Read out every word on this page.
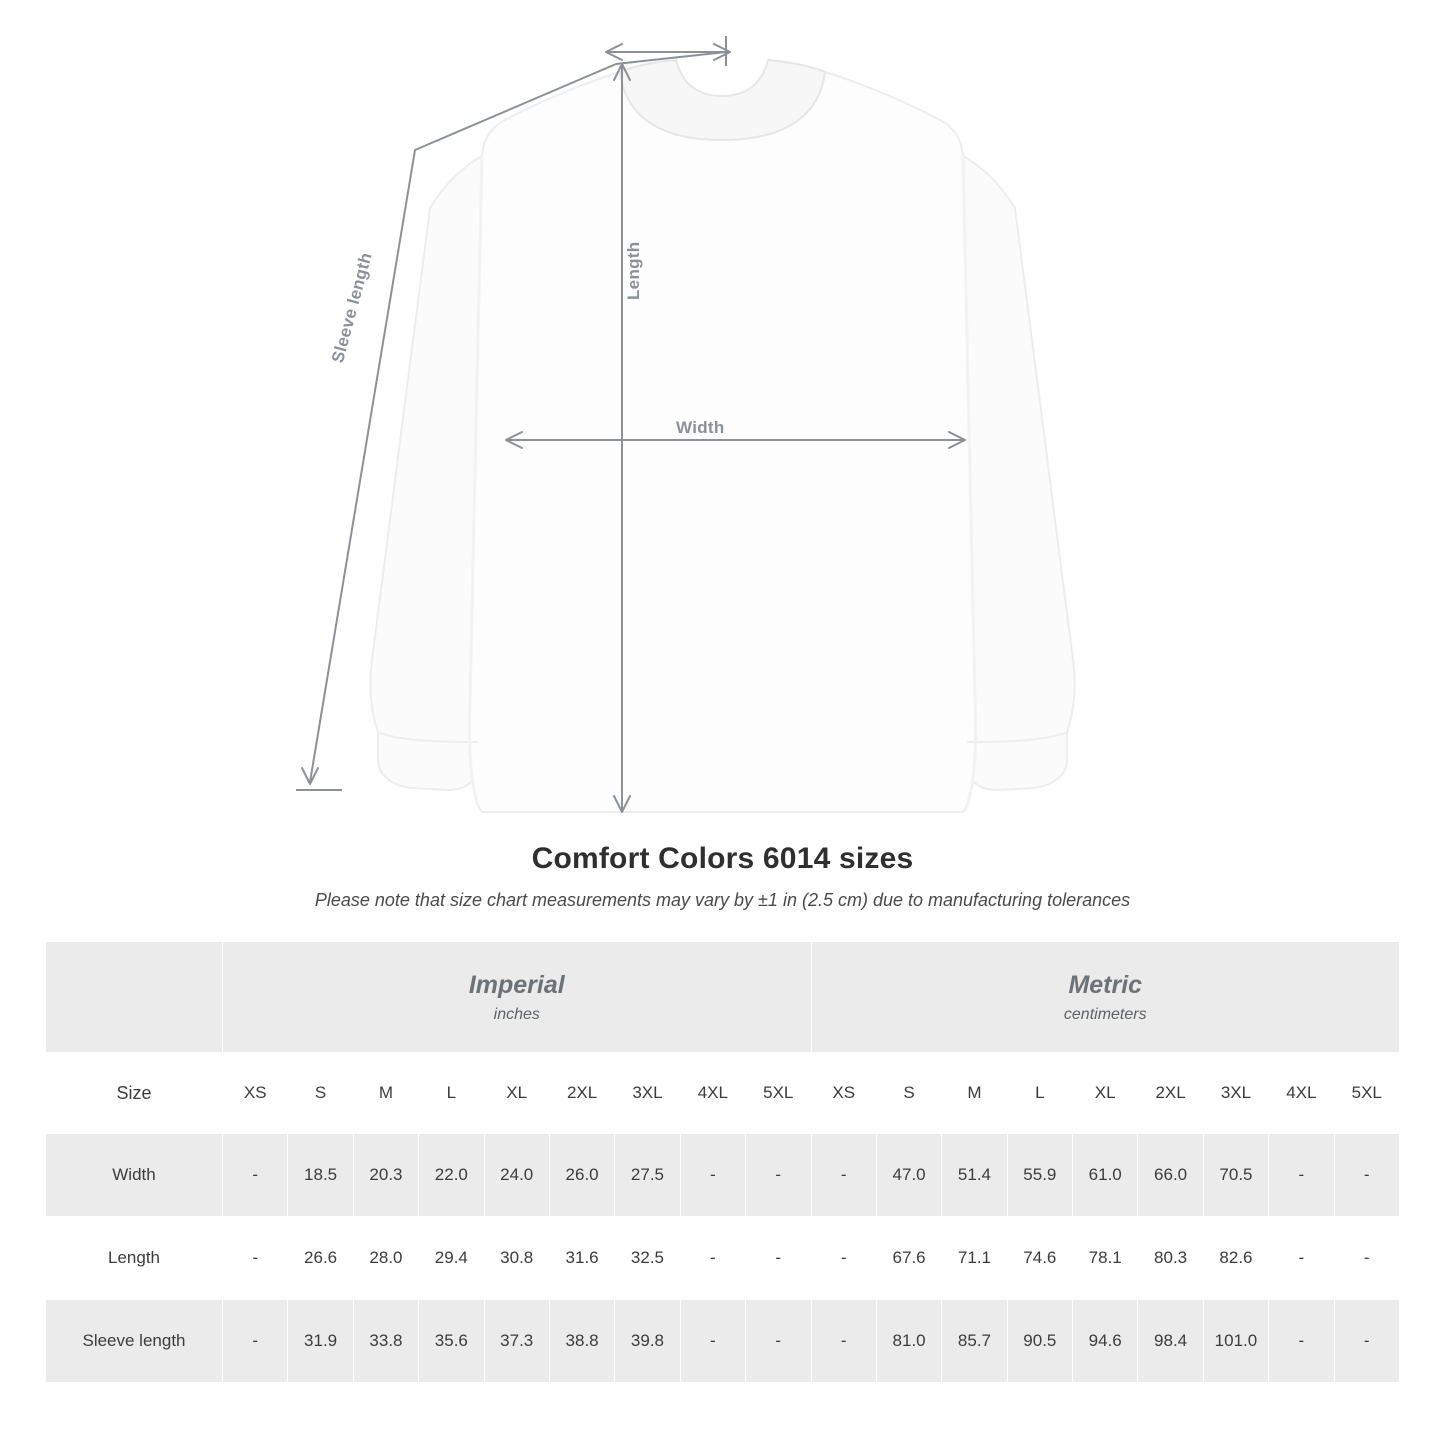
Width
Length
Sleeve length
Comfort Colors 6014 sizes
Please note that size chart measurements may vary by ±1 in (2.5 cm) due to manufacturing tolerances

Imperial
inches

Metric
centimeters

Size	XS	S	M	L	XL	2XL	3XL	4XL	5XL	XS	S	M	L	XL	2XL	3XL	4XL	5XL
Width	-	18.5	20.3	22.0	24.0	26.0	27.5	-	-	-	47.0	51.4	55.9	61.0	66.0	70.5	-	-
Length	-	26.6	28.0	29.4	30.8	31.6	32.5	-	-	-	67.6	71.1	74.6	78.1	80.3	82.6	-	-
Sleeve length	-	31.9	33.8	35.6	37.3	38.8	39.8	-	-	-	81.0	85.7	90.5	94.6	98.4	101.0	-	-
